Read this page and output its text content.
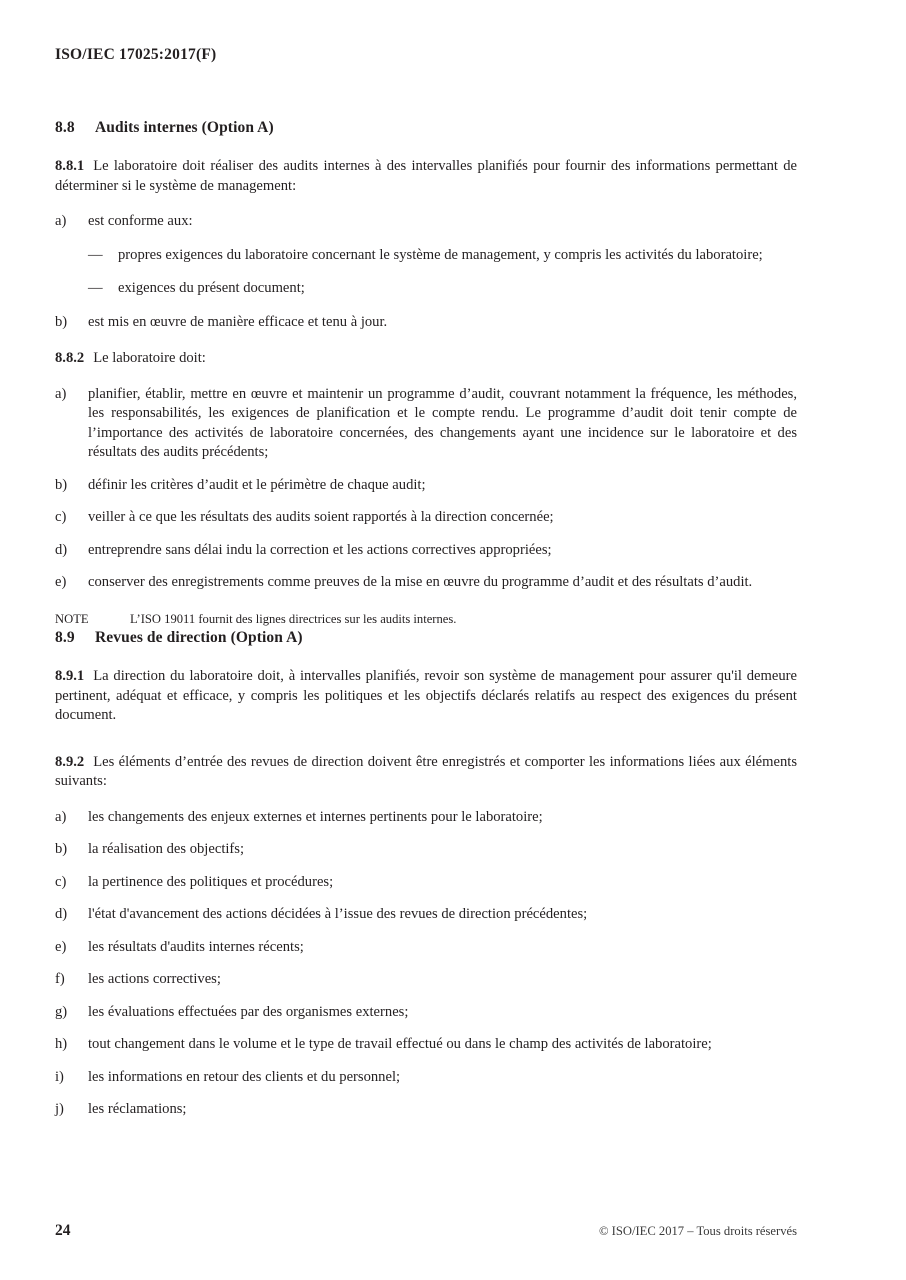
ISO/IEC 17025:2017(F)
8.8 Audits internes (Option A)

8.8.1 Le laboratoire doit réaliser des audits internes à des intervalles planifiés pour fournir des informations permettant de déterminer si le système de management:

a)	est conforme aux:
—	propres exigences du laboratoire concernant le système de management, y compris les activités du laboratoire;
—	exigences du présent document;
b)	est mis en œuvre de manière efficace et tenu à jour.

8.8.2 Le laboratoire doit:

a)	planifier, établir, mettre en œuvre et maintenir un programme d’audit, couvrant notamment la fréquence, les méthodes, les responsabilités, les exigences de planification et le compte rendu. Le programme d’audit doit tenir compte de l’importance des activités de laboratoire concernées, des changements ayant une incidence sur le laboratoire et des résultats des audits précédents;
b)	définir les critères d’audit et le périmètre de chaque audit;
c)	veiller à ce que les résultats des audits soient rapportés à la direction concernée;
d)	entreprendre sans délai indu la correction et les actions correctives appropriées;
e)	conserver des enregistrements comme preuves de la mise en œuvre du programme d’audit et des résultats d’audit.

NOTE	L’ISO 19011 fournit des lignes directrices sur les audits internes.

8.9 Revues de direction (Option A)

8.9.1 La direction du laboratoire doit, à intervalles planifiés, revoir son système de management pour assurer qu'il demeure pertinent, adéquat et efficace, y compris les politiques et les objectifs déclarés relatifs au respect des exigences du présent document.

8.9.2 Les éléments d’entrée des revues de direction doivent être enregistrés et comporter les informations liées aux éléments suivants:

a)	les changements des enjeux externes et internes pertinents pour le laboratoire;
b)	la réalisation des objectifs;
c)	la pertinence des politiques et procédures;
d)	l'état d'avancement des actions décidées à l’issue des revues de direction précédentes;
e)	les résultats d'audits internes récents;
f)	les actions correctives;
g)	les évaluations effectuées par des organismes externes;
h)	tout changement dans le volume et le type de travail effectué ou dans le champ des activités de laboratoire;
i)	les informations en retour des clients et du personnel;
j)	les réclamations;
24	© ISO/IEC 2017 – Tous droits réservés
